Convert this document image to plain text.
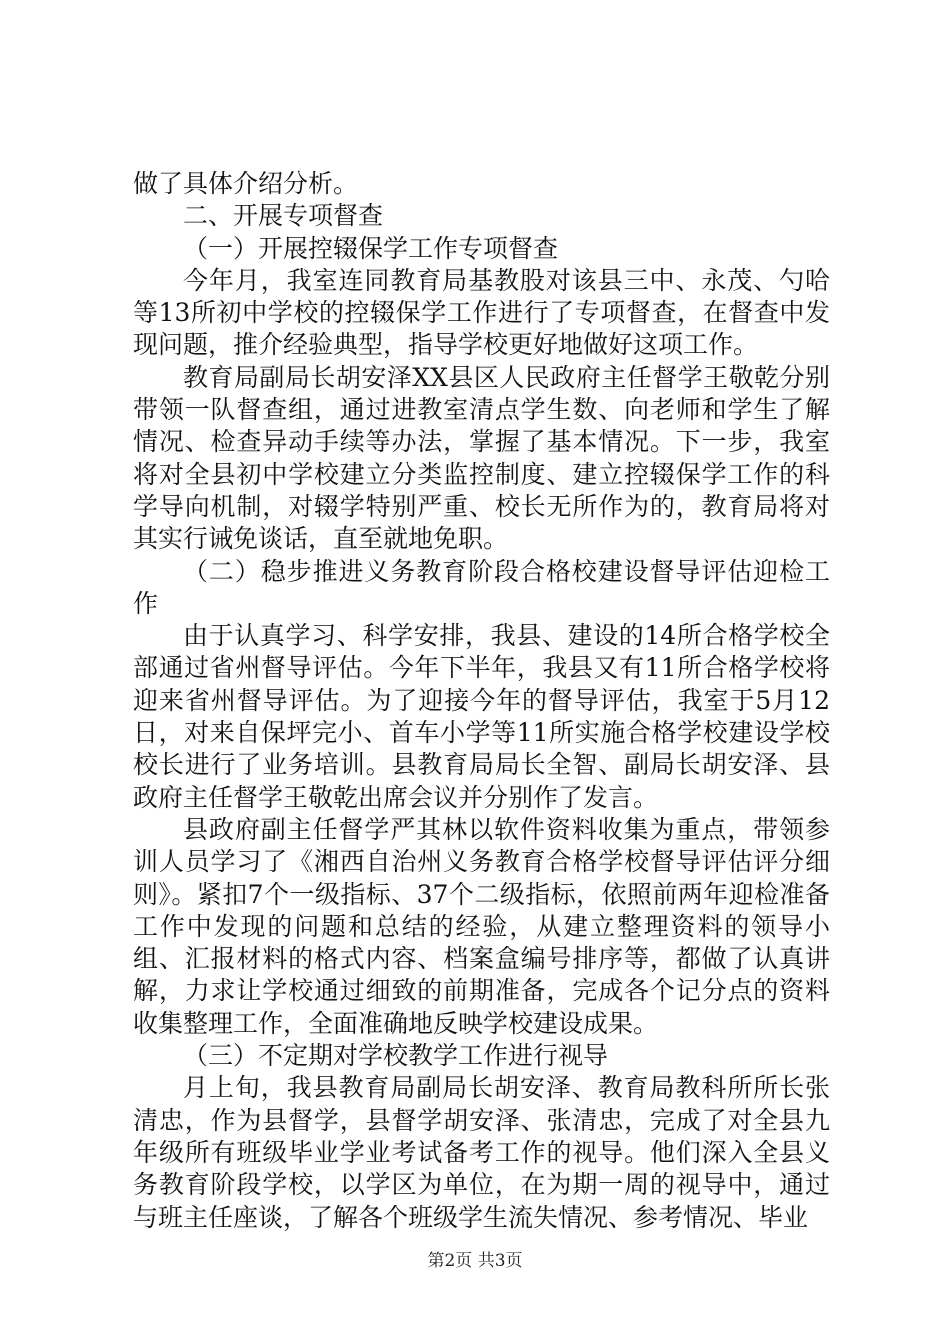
做了具体介绍分析。

二、开展专项督查

（一）开展控辍保学工作专项督查

今年月，我室连同教育局基教股对该县三中、永茂、勺哈等13所初中学校的控辍保学工作进行了专项督查，在督查中发现问题，推介经验典型，指导学校更好地做好这项工作。

教育局副局长胡安泽XX县区人民政府主任督学王敬乾分别带领一队督查组，通过进教室清点学生数、向老师和学生了解情况、检查异动手续等办法，掌握了基本情况。下一步，我室将对全县初中学校建立分类监控制度、建立控辍保学工作的科学导向机制，对辍学特别严重、校长无所作为的，教育局将对其实行诫免谈话，直至就地免职。

（二）稳步推进义务教育阶段合格校建设督导评估迎检工作

由于认真学习、科学安排，我县、建设的14所合格学校全部通过省州督导评估。今年下半年，我县又有11所合格学校将迎来省州督导评估。为了迎接今年的督导评估，我室于5月12日，对来自保坪完小、首车小学等11所实施合格学校建设学校校长进行了业务培训。县教育局局长全智、副局长胡安泽、县政府主任督学王敬乾出席会议并分别作了发言。

县政府副主任督学严其林以软件资料收集为重点，带领参训人员学习了《湘西自治州义务教育合格学校督导评估评分细则》。紧扣7个一级指标、37个二级指标，依照前两年迎检准备工作中发现的问题和总结的经验，从建立整理资料的领导小组、汇报材料的格式内容、档案盒编号排序等，都做了认真讲解，力求让学校通过细致的前期准备，完成各个记分点的资料收集整理工作，全面准确地反映学校建设成果。

（三）不定期对学校教学工作进行视导

月上旬，我县教育局副局长胡安泽、教育局教科所所长张清忠，作为县督学，县督学胡安泽、张清忠，完成了对全县九年级所有班级毕业学业考试备考工作的视导。他们深入全县义务教育阶段学校，以学区为单位，在为期一周的视导中，通过与班主任座谈，了解各个班级学生流失情况、参考情况、毕业

第2页 共3页
